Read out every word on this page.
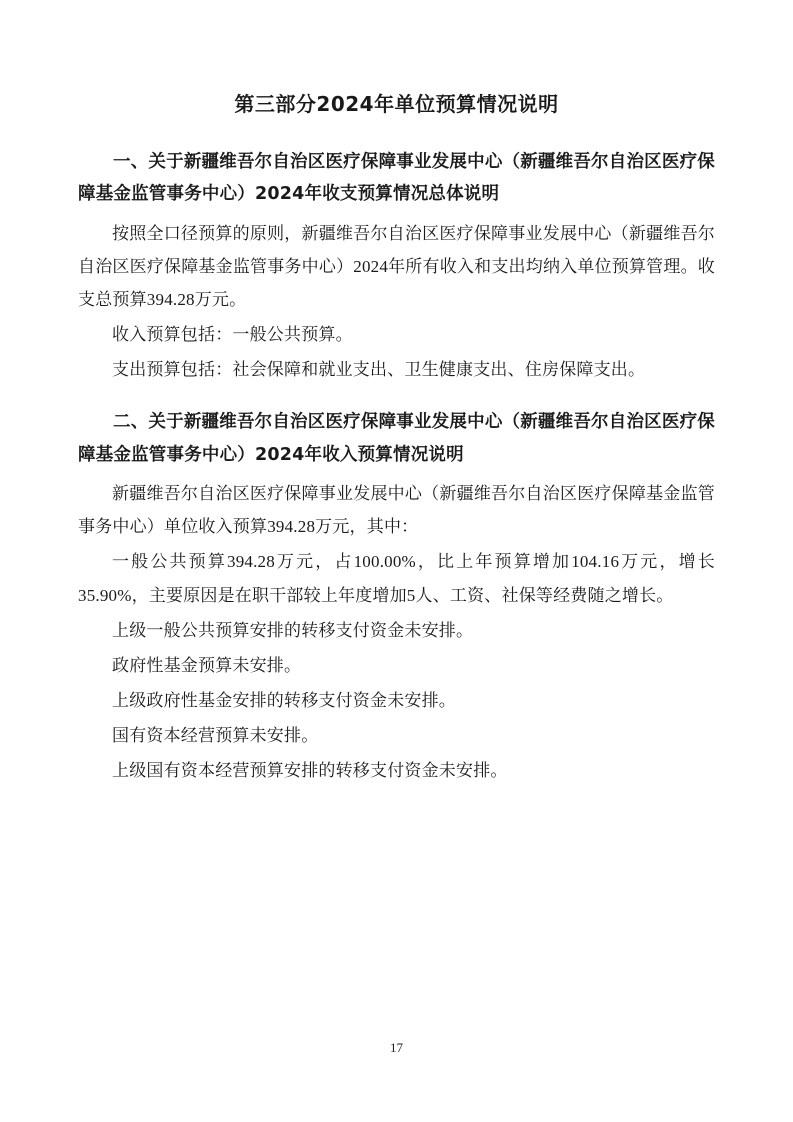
第三部分2024年单位预算情况说明
一、关于新疆维吾尔自治区医疗保障事业发展中心（新疆维吾尔自治区医疗保障基金监管事务中心）2024年收支预算情况总体说明

按照全口径预算的原则，新疆维吾尔自治区医疗保障事业发展中心（新疆维吾尔自治区医疗保障基金监管事务中心）2024年所有收入和支出均纳入单位预算管理。收支总预算394.28万元。

收入预算包括：一般公共预算。

支出预算包括：社会保障和就业支出、卫生健康支出、住房保障支出。

二、关于新疆维吾尔自治区医疗保障事业发展中心（新疆维吾尔自治区医疗保障基金监管事务中心）2024年收入预算情况说明

新疆维吾尔自治区医疗保障事业发展中心（新疆维吾尔自治区医疗保障基金监管事务中心）单位收入预算394.28万元，其中：

一般公共预算394.28万元，占100.00%，比上年预算增加104.16万元，增长35.90%，主要原因是在职干部较上年度增加5人、工资、社保等经费随之增长。

上级一般公共预算安排的转移支付资金未安排。

政府性基金预算未安排。

上级政府性基金安排的转移支付资金未安排。

国有资本经营预算未安排。

上级国有资本经营预算安排的转移支付资金未安排。

17
